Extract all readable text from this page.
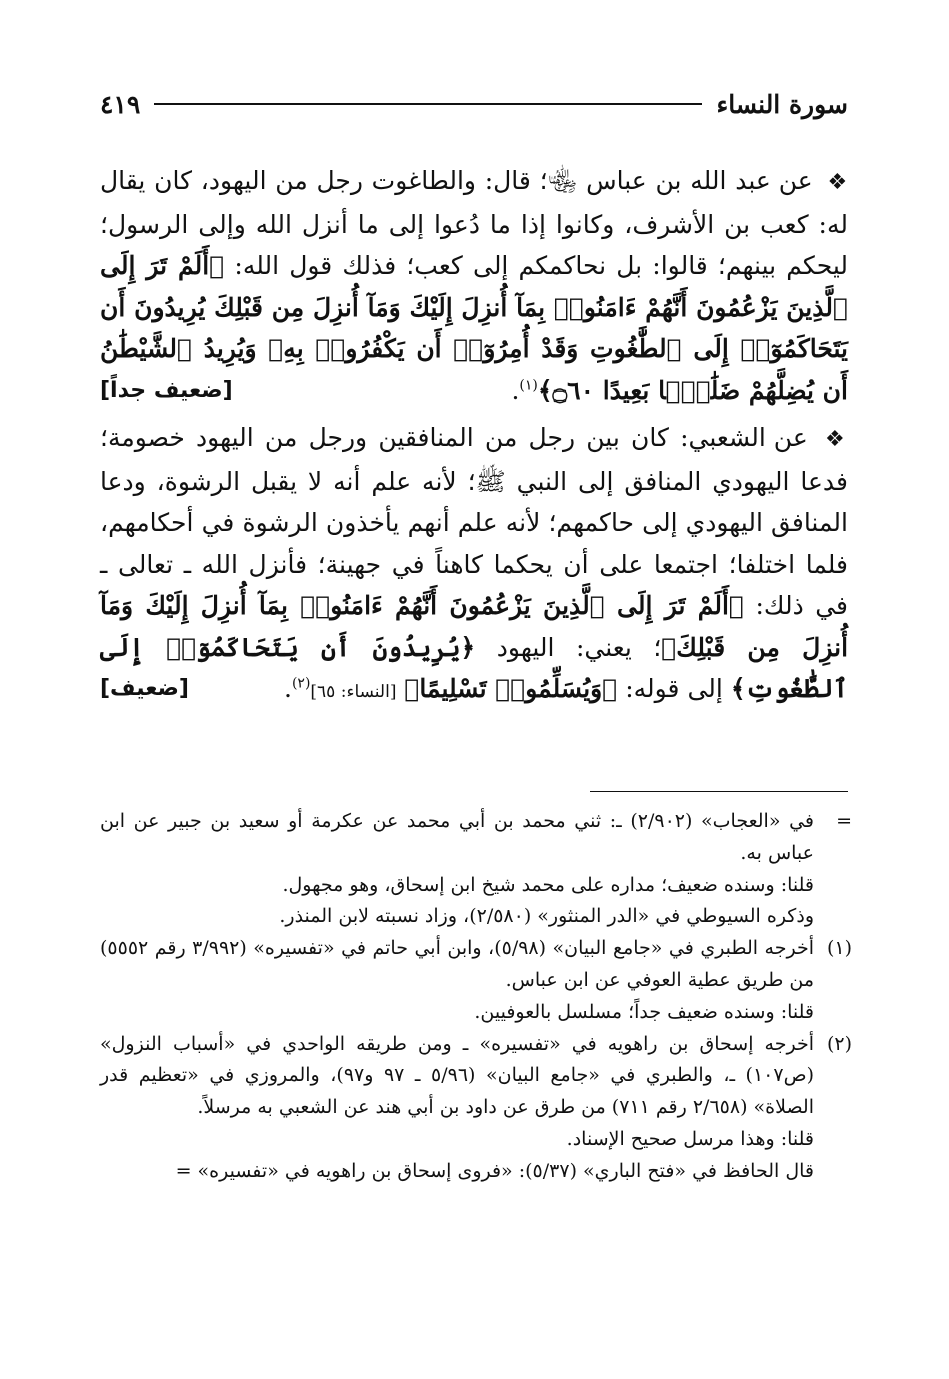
سورة النساء
٤١٩

❖ عن عبد الله بن عباس ﵄؛ قال: والطاغوت رجل من اليهود، كان يقال له: كعب بن الأشرف، وكانوا إذا ما دُعوا إلى ما أنزل الله وإلى الرسول؛ ليحكم بينهم؛ قالوا: بل نحاكمكم إلى كعب؛ فذلك قول الله: ﴿أَلَمْ تَرَ إِلَى ٱلَّذِينَ يَزْعُمُونَ أَنَّهُمْ ءَامَنُوا۟ بِمَآ أُنزِلَ إِلَيْكَ وَمَآ أُنزِلَ مِن قَبْلِكَ يُرِيدُونَ أَن يَتَحَاكَمُوٓا۟ إِلَى ٱلطَّٰغُوتِ وَقَدْ أُمِرُوٓا۟ أَن يَكْفُرُوا۟ بِهِۦ وَيُرِيدُ ٱلشَّيْطَٰنُ أَن يُضِلَّهُمْ ضَلَٰلًۢا بَعِيدًا ۝٦٠﴾$^{(١)}$.
[ضعيف جداً]

❖ عن الشعبي: كان بين رجل من المنافقين ورجل من اليهود خصومة؛ فدعا اليهودي المنافق إلى النبي ﷺ؛ لأنه علم أنه لا يقبل الرشوة، ودعا المنافق اليهودي إلى حاكمهم؛ لأنه علم أنهم يأخذون الرشوة في أحكامهم، فلما اختلفا؛ اجتمعا على أن يحكما كاهناً في جهينة؛ فأنزل الله ـ تعالى ـ في ذلك: ﴿أَلَمْ تَرَ إِلَى ٱلَّذِينَ يَزْعُمُونَ أَنَّهُمْ ءَامَنُوا۟ بِمَآ أُنزِلَ إِلَيْكَ وَمَآ أُنزِلَ مِن قَبْلِكَ﴾؛ يعني: اليهود ﴿يُرِيدُونَ أَن يَتَحَاكَمُوٓا۟ إِلَى ٱلطَّٰغُوتِ﴾ إلى قوله: ﴿وَيُسَلِّمُوا۟ تَسْلِيمًا﴾ [النساء: ٦٥]$^{(٢)}$.
[ضعيف]

=

في «العجاب» (٢/٩٠٢) ـ: ثني محمد بن أبي محمد عن عكرمة أو سعيد بن جبير عن ابن عباس به.

قلنا: وسنده ضعيف؛ مداره على محمد شيخ ابن إسحاق، وهو مجهول.

وذكره السيوطي في «الدر المنثور» (٢/٥٨٠)، وزاد نسبته لابن المنذر.

(١)

أخرجه الطبري في «جامع البيان» (٥/٩٨)، وابن أبي حاتم في «تفسيره» (٣/٩٩٢ رقم ٥٥٥٢) من طريق عطية العوفي عن ابن عباس.

قلنا: وسنده ضعيف جداً؛ مسلسل بالعوفيين.

(٢)

أخرجه إسحاق بن راهويه في «تفسيره» ـ ومن طريقه الواحدي في «أسباب النزول» (ص١٠٧) ـ، والطبري في «جامع البيان» (٥/٩٦ ـ ٩٧ و٩٧)، والمروزي في «تعظيم قدر الصلاة» (٢/٦٥٨ رقم ٧١١) من طرق عن داود بن أبي هند عن الشعبي به مرسلاً.

قلنا: وهذا مرسل صحيح الإسناد.

قال الحافظ في «فتح الباري» (٥/٣٧): «فروى إسحاق بن راهويه في «تفسيره» =
